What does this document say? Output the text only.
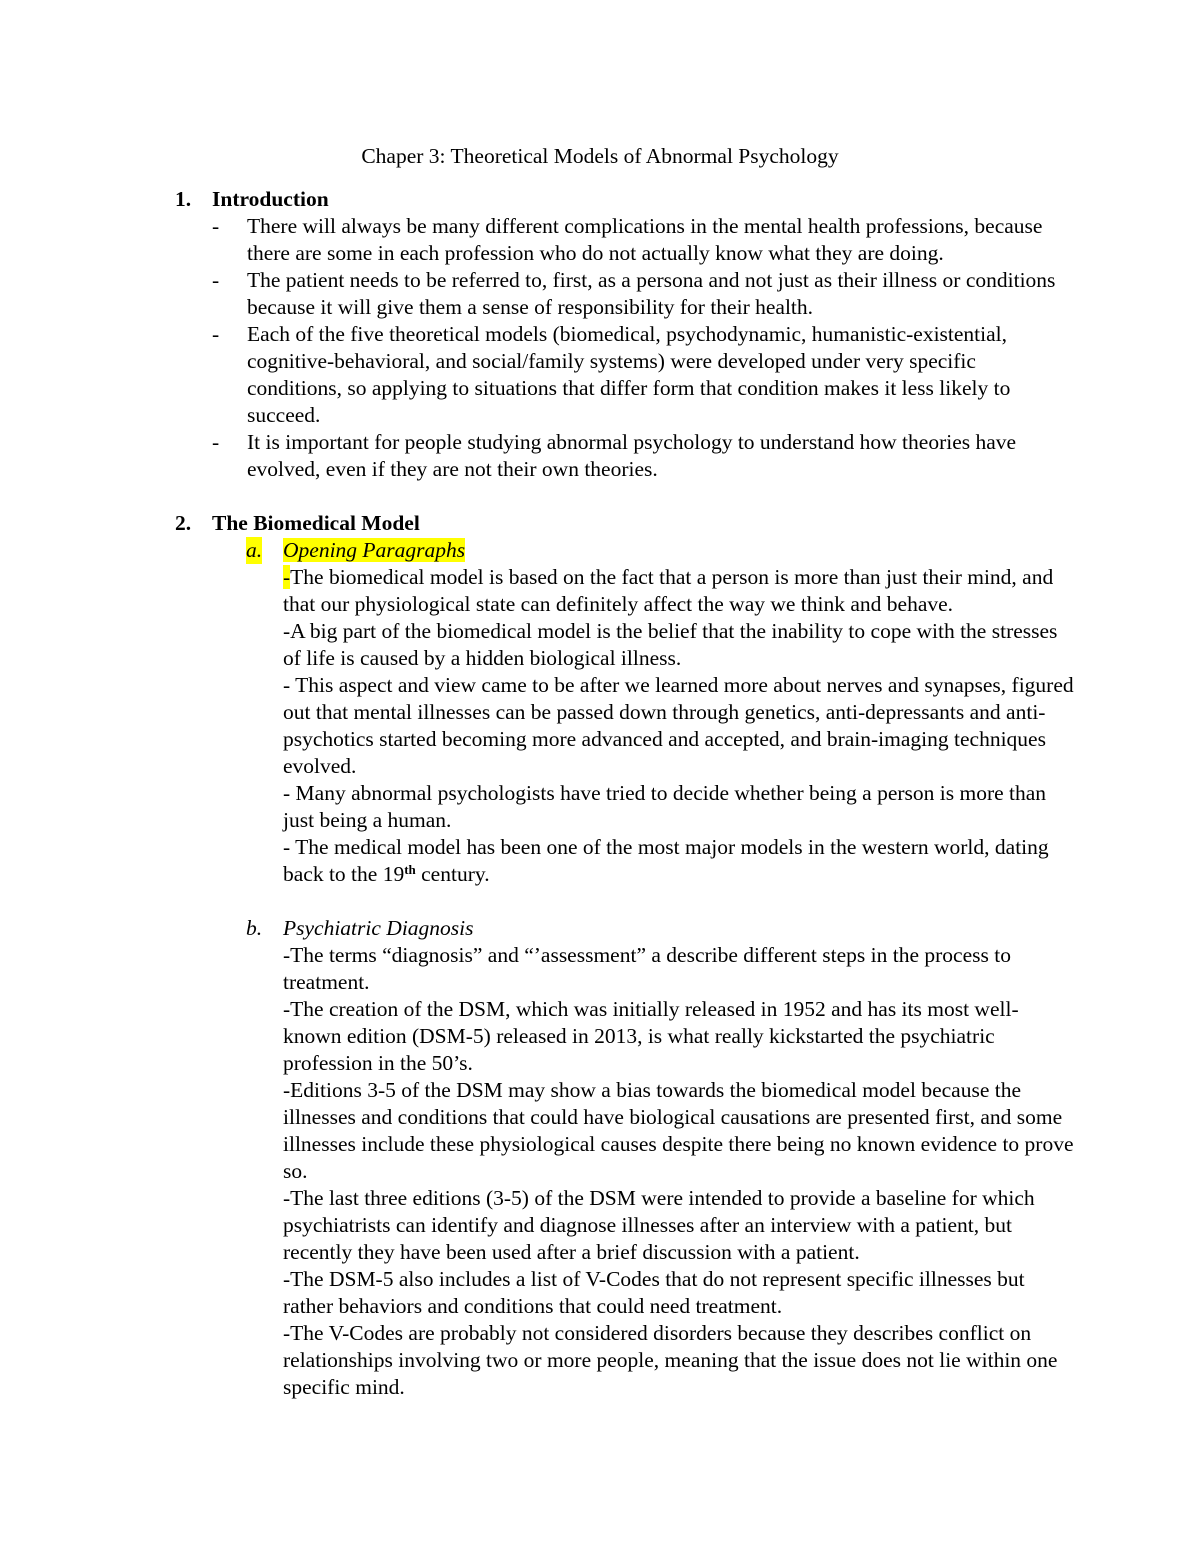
Chaper 3: Theoretical Models of Abnormal Psychology
1. Introduction
- There will always be many different complications in the mental health professions, because there are some in each profession who do not actually know what they are doing.
- The patient needs to be referred to, first, as a persona and not just as their illness or conditions because it will give them a sense of responsibility for their health.
- Each of the five theoretical models (biomedical, psychodynamic, humanistic-existential, cognitive-behavioral, and social/family systems) were developed under very specific conditions, so applying to situations that differ form that condition makes it less likely to succeed.
- It is important for people studying abnormal psychology to understand how theories have evolved, even if they are not their own theories.
2. The Biomedical Model
a. Opening Paragraphs
-The biomedical model is based on the fact that a person is more than just their mind, and that our physiological state can definitely affect the way we think and behave.
-A big part of the biomedical model is the belief that the inability to cope with the stresses of life is caused by a hidden biological illness.
- This aspect and view came to be after we learned more about nerves and synapses, figured out that mental illnesses can be passed down through genetics, anti-depressants and anti-psychotics started becoming more advanced and accepted, and brain-imaging techniques evolved.
- Many abnormal psychologists have tried to decide whether being a person is more than just being a human.
- The medical model has been one of the most major models in the western world, dating back to the 19th century.
b. Psychiatric Diagnosis
-The terms “diagnosis” and “’assessment” a describe different steps in the process to treatment.
-The creation of the DSM, which was initially released in 1952 and has its most well-known edition (DSM-5) released in 2013, is what really kickstarted the psychiatric profession in the 50’s.
-Editions 3-5 of the DSM may show a bias towards the biomedical model because the illnesses and conditions that could have biological causations are presented first, and some illnesses include these physiological causes despite there being no known evidence to prove so.
-The last three editions (3-5) of the DSM were intended to provide a baseline for which psychiatrists can identify and diagnose illnesses after an interview with a patient, but recently they have been used after a brief discussion with a patient.
-The DSM-5 also includes a list of V-Codes that do not represent specific illnesses but rather behaviors and conditions that could need treatment.
-The V-Codes are probably not considered disorders because they describes conflict on relationships involving two or more people, meaning that the issue does not lie within one specific mind.
